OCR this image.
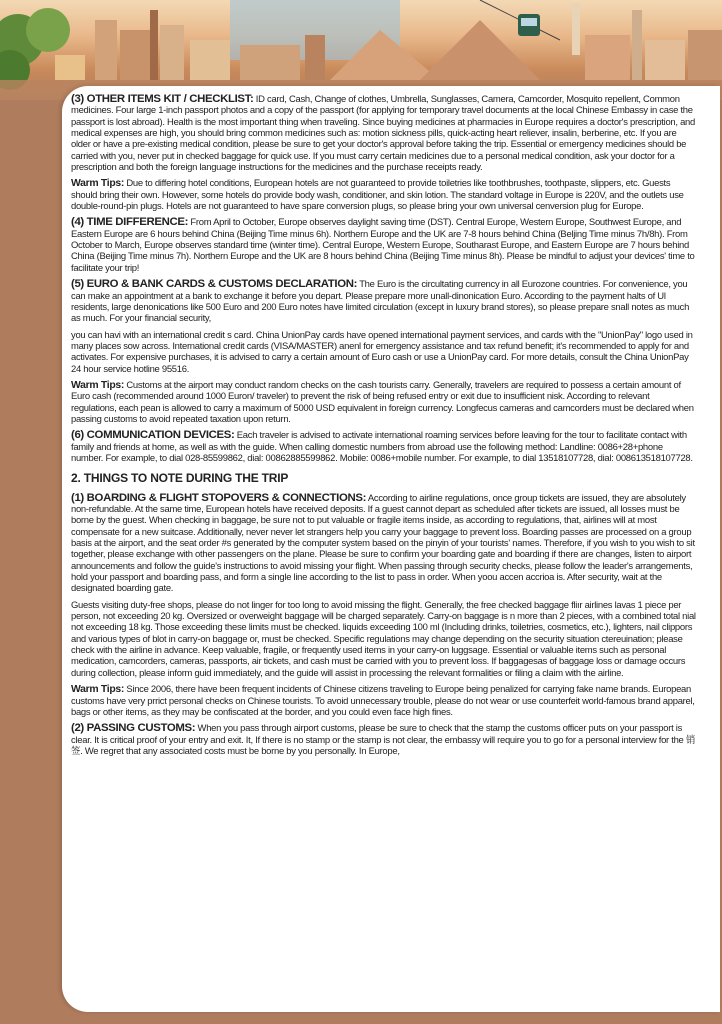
(3) OTHER ITEMS KIT / CHECKLIST: ID card, Cash, Change of clothes, Umbrella, Sunglasses, Camera, Camcorder, Mosquito repellent, Common medicines. Four large 1-inch passport photos and a copy of the passport (for applying for temporary travel documents at the local Chinese Embassy in case the passport is lost abroad). Health is the most important thing when traveling. Since buying medicines at pharmacies in Europe requires a doctor's prescription, and medical expenses are high, you should bring common medicines such as: motion sickness pills, quick-acting heart reliever, insalin, berberine, etc. If you are older or have a pre-existing medical condition, please be sure to get your doctor's approval before taking the trip. Essential or emergency medicines should be carried with you, never put in checked baggage for quick use. If you must carry certain medicines due to a personal medical condition, ask your doctor for a prescription and both the foreign language instructions for the medicines and the purchase receipts ready.

Warm Tips: Due to differing hotel conditions, European hotels are not guaranteed to provide toiletries like toothbrushes, toothpaste, slippers, etc. Guests should bring their own. However, some hotels do provide body wash, conditioner, and skin lotion. The standard voltage in Europe is 220V, and the outlets use double-round-pin plugs. Hotels are not guaranteed to have spare conversion plugs, so please bring your own universal cenversion plug for Europe.

(4) TIME DIFFERENCE: From April to October, Europe observes daylight saving time (DST). Central Europe, Western Europe, Southwest Europe, and Eastern Europe are 6 hours behind China (Beijing Time minus 6h). Northern Europe and the UK are 7-8 hours behind China (Beljing Time minus 7h/8h). From October to March, Europe observes standard time (winter time). Central Europe, Western Europe, Southarast Europe, and Eastern Europe are 7 hours behind China (Beijing Time minus 7h). Northern Europe and the UK are 8 hours behind China (Beijing Time minus 8h). Please be mindful to adjust your devices' time to facilitate your trip!

(5) EURO & BANK CARDS & CUSTOMS DECLARATION: The Euro is the circultating currency in all Eurozone countries. For convenience, you can make an appointment at a bank to exchange it before you depart. Please prepare more unall-dinonication Euro. According to the payment halts of Ul residents, large denonications like 500 Euro and 200 Euro notes have limited circulation (except in luxury brand stores), so please prepare snall notes as much as much. For your financial security,

you can havi with an international credit s card. China UnionPay cards have opened international payment services, and cards with the "UnionPay" logo used in many places sow across. International credit cards (VISA/MASTER) anenl for emergency assistance and tax refund benefit; it's recommended to apply for and activates. For expensive purchases, it is advised to carry a certain amount of Euro cash or use a UnionPay card. For more details, consult the China UnionPay 24 hour service hotline 95516.

Warm Tips: Customs at the airport may conduct random checks on the cash tourists carry. Generally, travelers are required to possess a certain amount of Euro cash (recommended around 1000 Euron/ traveler) to prevent the risk of being refused entry or exit due to insufficient nisk. According to relevant regulations, each pean is allowed to carry a maximum of 5000 USD equivalent in foreign currency. Longfecus cameras and camcorders must be declared when passing customs to avoid repeated taxation upon return.

(6) COMMUNICATION DEVICES: Each traveler is advised to activate international roaming services before leaving for the tour to facilitate contact with family and friends at home, as well as with the guide. When calling domestic numbers from abroad use the following method: Landline: 0086+28+phone number. For example, to dial 028-85599862, dial: 00862885599862. Mobile: 0086+mobile number. For example, to dial 13518107728, dial: 008613518107728.

2. THINGS TO NOTE DURING THE TRIP

(1) BOARDING & FLIGHT STOPOVERS & CONNECTIONS: According to airline regulations, once group tickets are issued, they are absolutely non-refundable. At the same time, European hotels have received deposits. If a guest cannot depart as scheduled after tickets are issued, all losses must be borne by the guest. When checking in baggage, be sure not to put valuable or fragile items inside, as according to regulations, that, airlines will at most compensate for a new suitcase. Additionally, never never let strangers help you carry your baggage to prevent loss. Boarding passes are processed on a group basis at the airport, and the seat order #s generated by the computer system based on the pinyin of your tourists' names. Therefore, if you wish to you wish to sit together, please exchange with other passengers on the plane. Please be sure to confirm your boarding gate and boarding if there are changes, listen to airport announcements and follow the guide's instructions to avoid missing your flight. When passing through security checks, please follow the leader's arrangements, hold your passport and boarding pass, and form a single line according to the list to pass in order. When yoou accen accrioa is. After security, wait at the designated boarding gate.

Guests visiting duty-free shops, please do not linger for too long to avoid missing the flight. Generally, the free checked baggage fliır airlines lavas 1 piece per person, not exceeding 20 kg. Oversized or overweight baggage will be charged separately. Carry-on baggage is n more than 2 pieces, with a combined total nial not exceeding 18 kg. Those exceeding these limits must be checked. liquids exceeding 100 ml (Including drinks, toiletries, cosmetics, etc.), lighters, nail clippors and various types of blot in carry-on baggage or, must be checked. Specific regulations may change depending on the security situation ctereuination; please check with the airline in advance. Keep valuable, fragile, or frequently used items in your carry-on luggsage. Essential or valuable items such as personal medication, camcorders, cameras, passports, air tickets, and cash must be carried with you to prevent loss. If baggagesas of baggage loss or damage occurs during collection, please inform guid immediately, and the guide will assist in processing the relevant formalities or filing a claim with the airline.

Warm Tips: Since 2006, there have been frequent incidents of Chinese citizens traveling to Europe being penalized for carrying fake name brands. European customs have very prrict personal checks on Chinese tourists. To avoid unnecessary trouble, please do not wear or use counterfeit world-famous brand apparel, bags or other items, as they may be confiscated at the border, and you could even face high fines.

(2) PASSING CUSTOMS: When you pass through airport customs, please be sure to check that the stamp the customs officer puts on your passport is clear. It is critical proof of your entry and exit. It, If there is no stamp or the stamp is not clear, the embassy will require you to go for a personal interview for the 销签. We regret that any associated costs must be borne by you personally. In Europe,
